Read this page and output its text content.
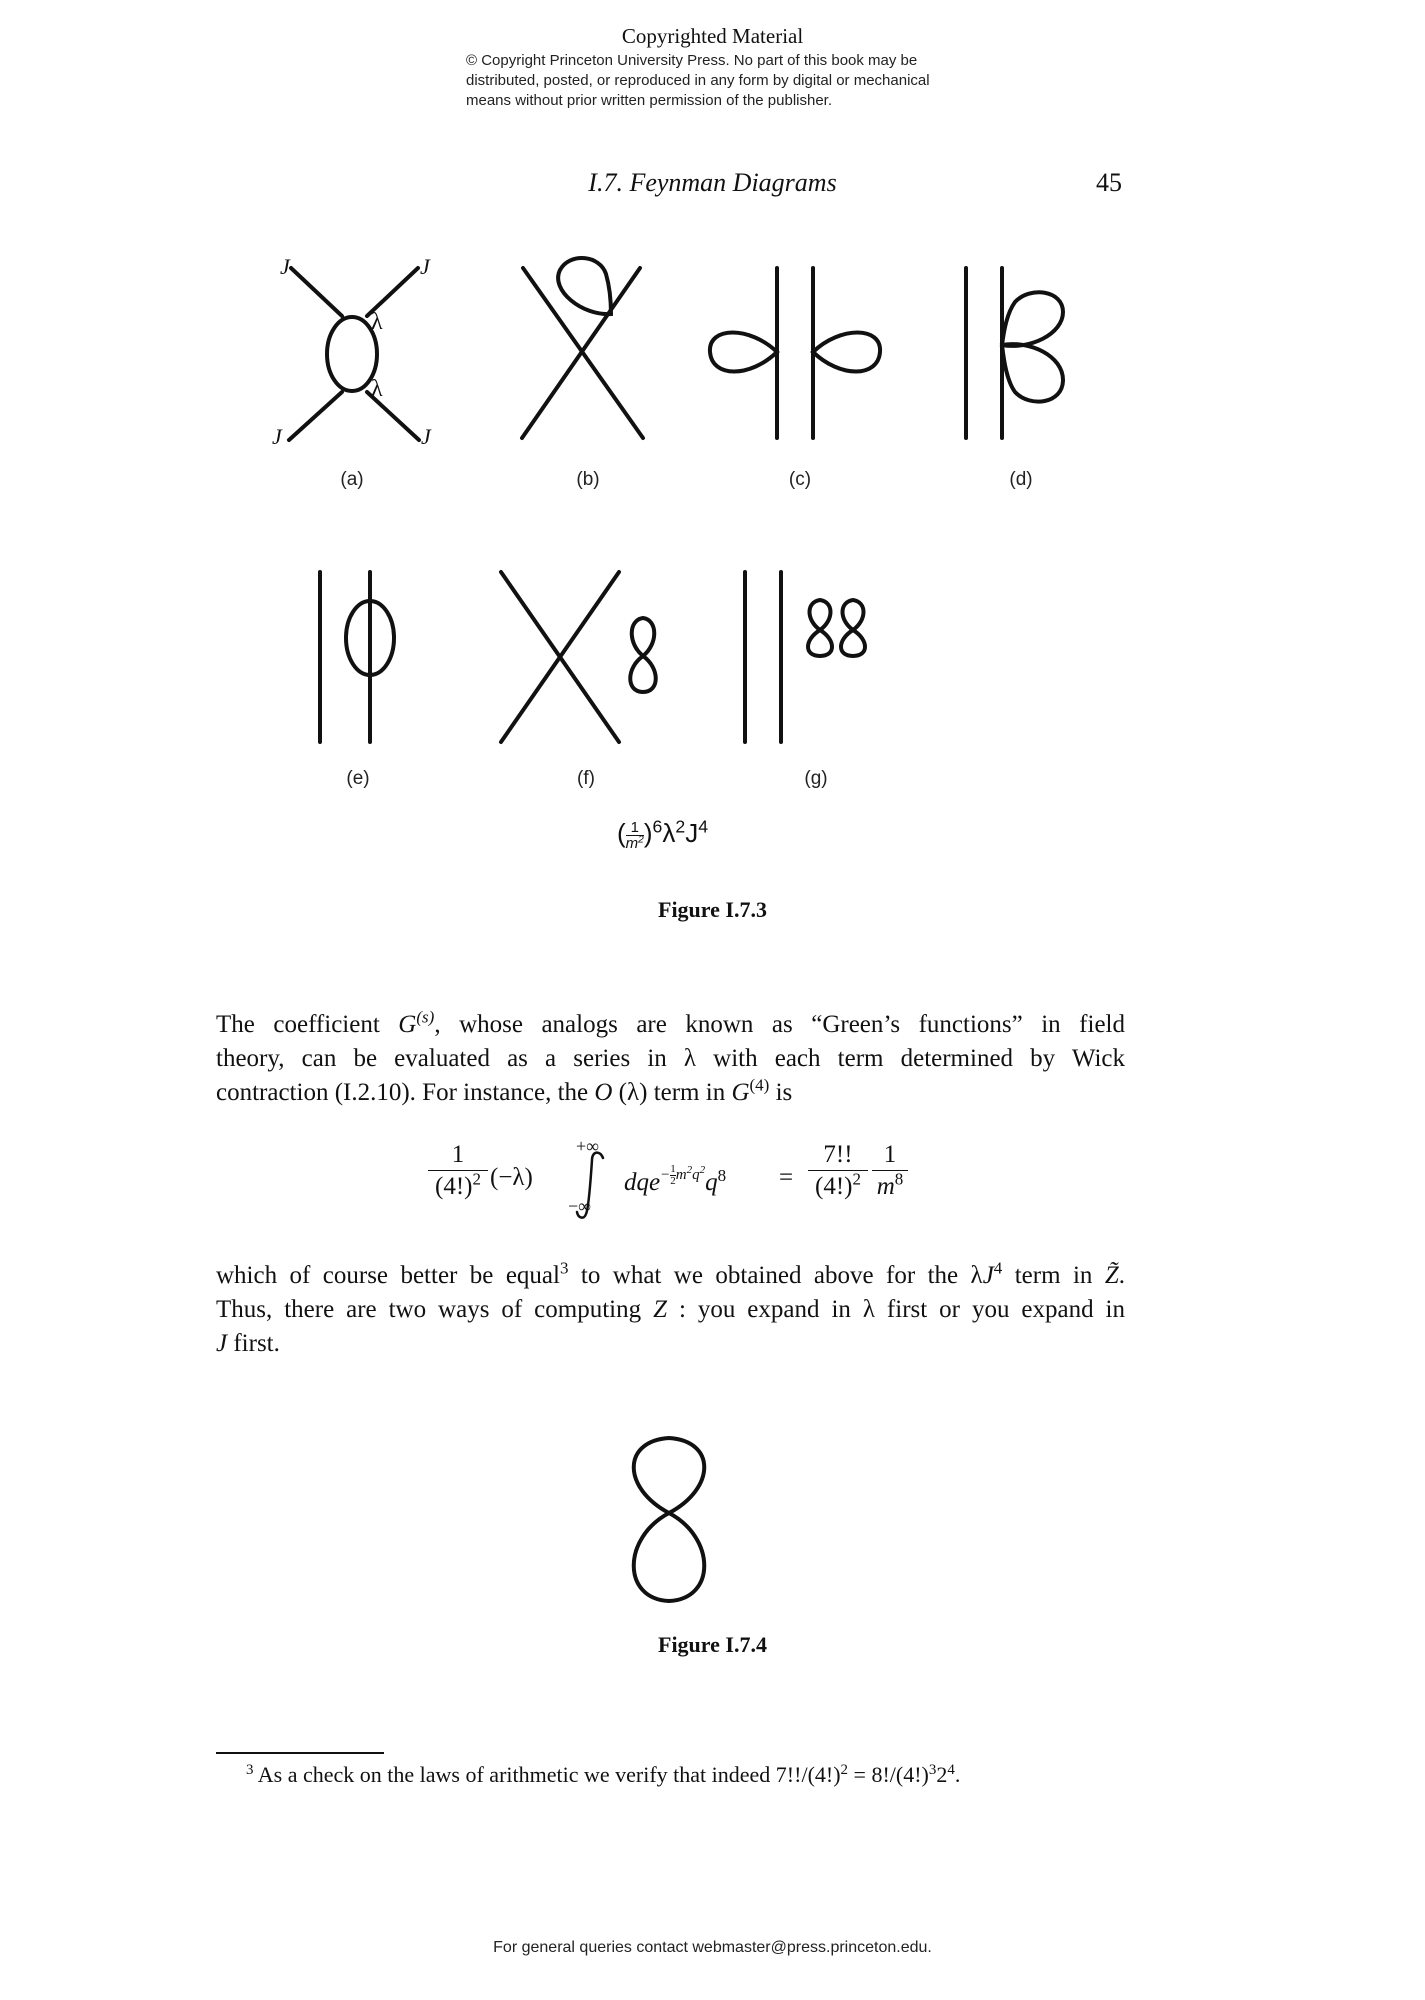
Copyrighted Material
© Copyright Princeton University Press. No part of this book may be
distributed, posted, or reproduced in any form by digital or mechanical
means without prior written permission of the publisher.
I.7. Feynman Diagrams	45
J	J
J	J
λ
λ
(a)	(b)	(c)	(d)
(e)	(f)	(g)
( $\frac{1}{m^2} )^6\lambda^2J^4$
Figure I.7.3
The coefficient $G^{(s)}$, whose analogs are known as “Green’s functions” in field
theory, can be evaluated as a series in λ with each term determined by Wick
contraction (I.2.10). For instance, the O (λ) term in $G^{(4)}$ is
1
$(4!)^2$ (−λ)
+∞
−∞
$dqe^{- \frac{1}{2} m^2q^2}q^8$ =
7!!
$(4!)^2$
1
$m^8$
which of course better be equal$^3$ to what we obtained above for the $\lambda J^4$ term in Z̃.
Thus, there are two ways of computing Z : you expand in λ first or you expand in
J first.
Figure I.7.4
$^3$ As a check on the laws of arithmetic we verify that indeed $7!!/(4!)^2 = 8!/(4!)^32^4$.
For general queries contact webmaster@press.princeton.edu.
